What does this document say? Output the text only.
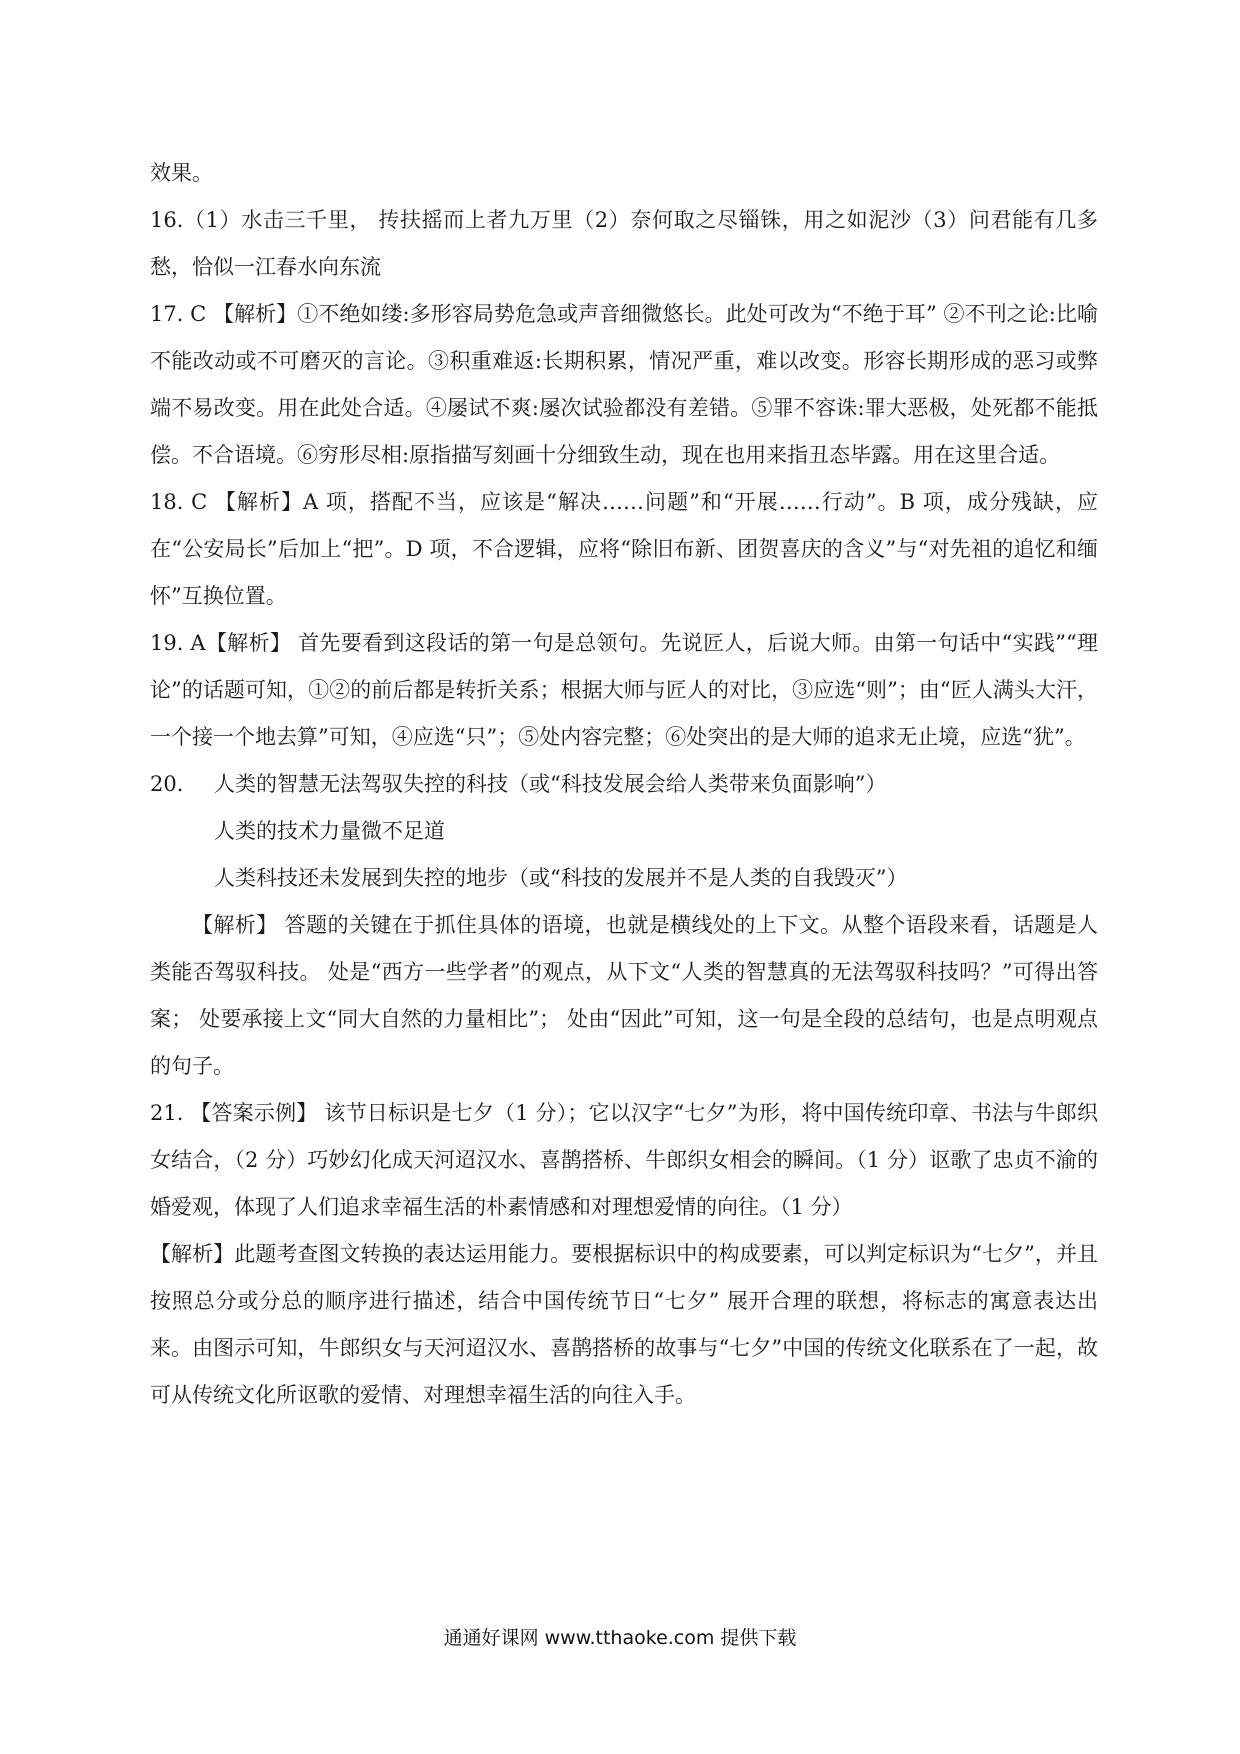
效果。

16.（1）水击三千里， 抟扶摇而上者九万里（2）奈何取之尽锱铢，用之如泥沙（3）问君能有几多愁，恰似一江春水向东流

17. C 【解析】①不绝如缕:多形容局势危急或声音细微悠长。此处可改为“不绝于耳” ②不刊之论:比喻不能改动或不可磨灭的言论。③积重难返:长期积累，情况严重，难以改变。形容长期形成的恶习或弊端不易改变。用在此处合适。④屡试不爽:屡次试验都没有差错。⑤罪不容诛:罪大恶极，处死都不能抵偿。不合语境。⑥穷形尽相:原指描写刻画十分细致生动，现在也用来指丑态毕露。用在这里合适。

18. C 【解析】A 项，搭配不当，应该是“解决……问题”和“开展……行动”。B 项，成分残缺，应在“公安局长”后加上“把”。D 项，不合逻辑，应将“除旧布新、团贺喜庆的含义”与“对先祖的追忆和缅怀”互换位置。

19. A【解析】 首先要看到这段话的第一句是总领句。先说匠人，后说大师。由第一句话中“实践”“理论”的话题可知，①②的前后都是转折关系；根据大师与匠人的对比，③应选“则”；由“匠人满头大汗，一个接一个地去算”可知，④应选“只”；⑤处内容完整；⑥处突出的是大师的追求无止境，应选“犹”。

20. 人类的智慧无法驾驭失控的科技（或“科技发展会给人类带来负面影响”）

人类的技术力量微不足道

人类科技还未发展到失控的地步（或“科技的发展并不是人类的自我毁灭”）

【解析】 答题的关键在于抓住具体的语境，也就是横线处的上下文。从整个语段来看，话题是人类能否驾驭科技。 处是“西方一些学者”的观点，从下文“人类的智慧真的无法驾驭科技吗？”可得出答案； 处要承接上文“同大自然的力量相比”； 处由“因此”可知，这一句是全段的总结句，也是点明观点的句子。

21. 【答案示例】 该节日标识是七夕（1 分）；它以汉字“七夕”为形，将中国传统印章、书法与牛郎织女结合，（2 分）巧妙幻化成天河迢汉水、喜鹊搭桥、牛郎织女相会的瞬间。（1 分）讴歌了忠贞不渝的婚爱观，体现了人们追求幸福生活的朴素情感和对理想爱情的向往。（1 分）

【解析】此题考查图文转换的表达运用能力。要根据标识中的构成要素，可以判定标识为“七夕”，并且按照总分或分总的顺序进行描述，结合中国传统节日“七夕” 展开合理的联想，将标志的寓意表达出来。由图示可知，牛郎织女与天河迢汉水、喜鹊搭桥的故事与“七夕”中国的传统文化联系在了一起，故可从传统文化所讴歌的爱情、对理想幸福生活的向往入手。

通通好课网 www.tthaoke.com 提供下载
